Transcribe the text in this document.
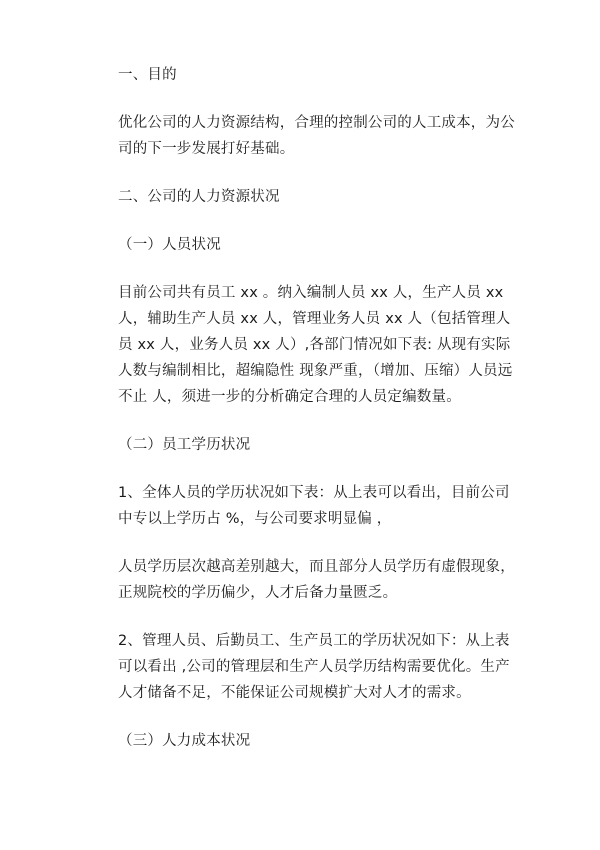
一、目的

优化公司的人力资源结构，合理的控制公司的人工成本，为公司的下一步发展打好基础。

二、公司的人力资源状况
（一）人员状况

目前公司共有员工 xx 。纳入编制人员 xx 人，生产人员 xx 人，辅助生产人员 xx 人，管理业务人员 xx 人（包括管理人员 xx 人，业务人员 xx 人）,各部门情况如下表: 从现有实际人数与编制相比，超编隐性 现象严重，（增加、压缩）人员远不止 人，须进一步的分析确定合理的人员定编数量。

（二）员工学历状况

1、全体人员的学历状况如下表：从上表可以看出，目前公司中专以上学历占 %，与公司要求明显偏 ，

人员学历层次越高差别越大，而且部分人员学历有虚假现象，正规院校的学历偏少，人才后备力量匮乏。

2、管理人员、后勤员工、生产员工的学历状况如下：从上表可以看出 ,公司的管理层和生产人员学历结构需要优化。生产人才储备不足，不能保证公司规模扩大对人才的需求。

（三）人力成本状况
